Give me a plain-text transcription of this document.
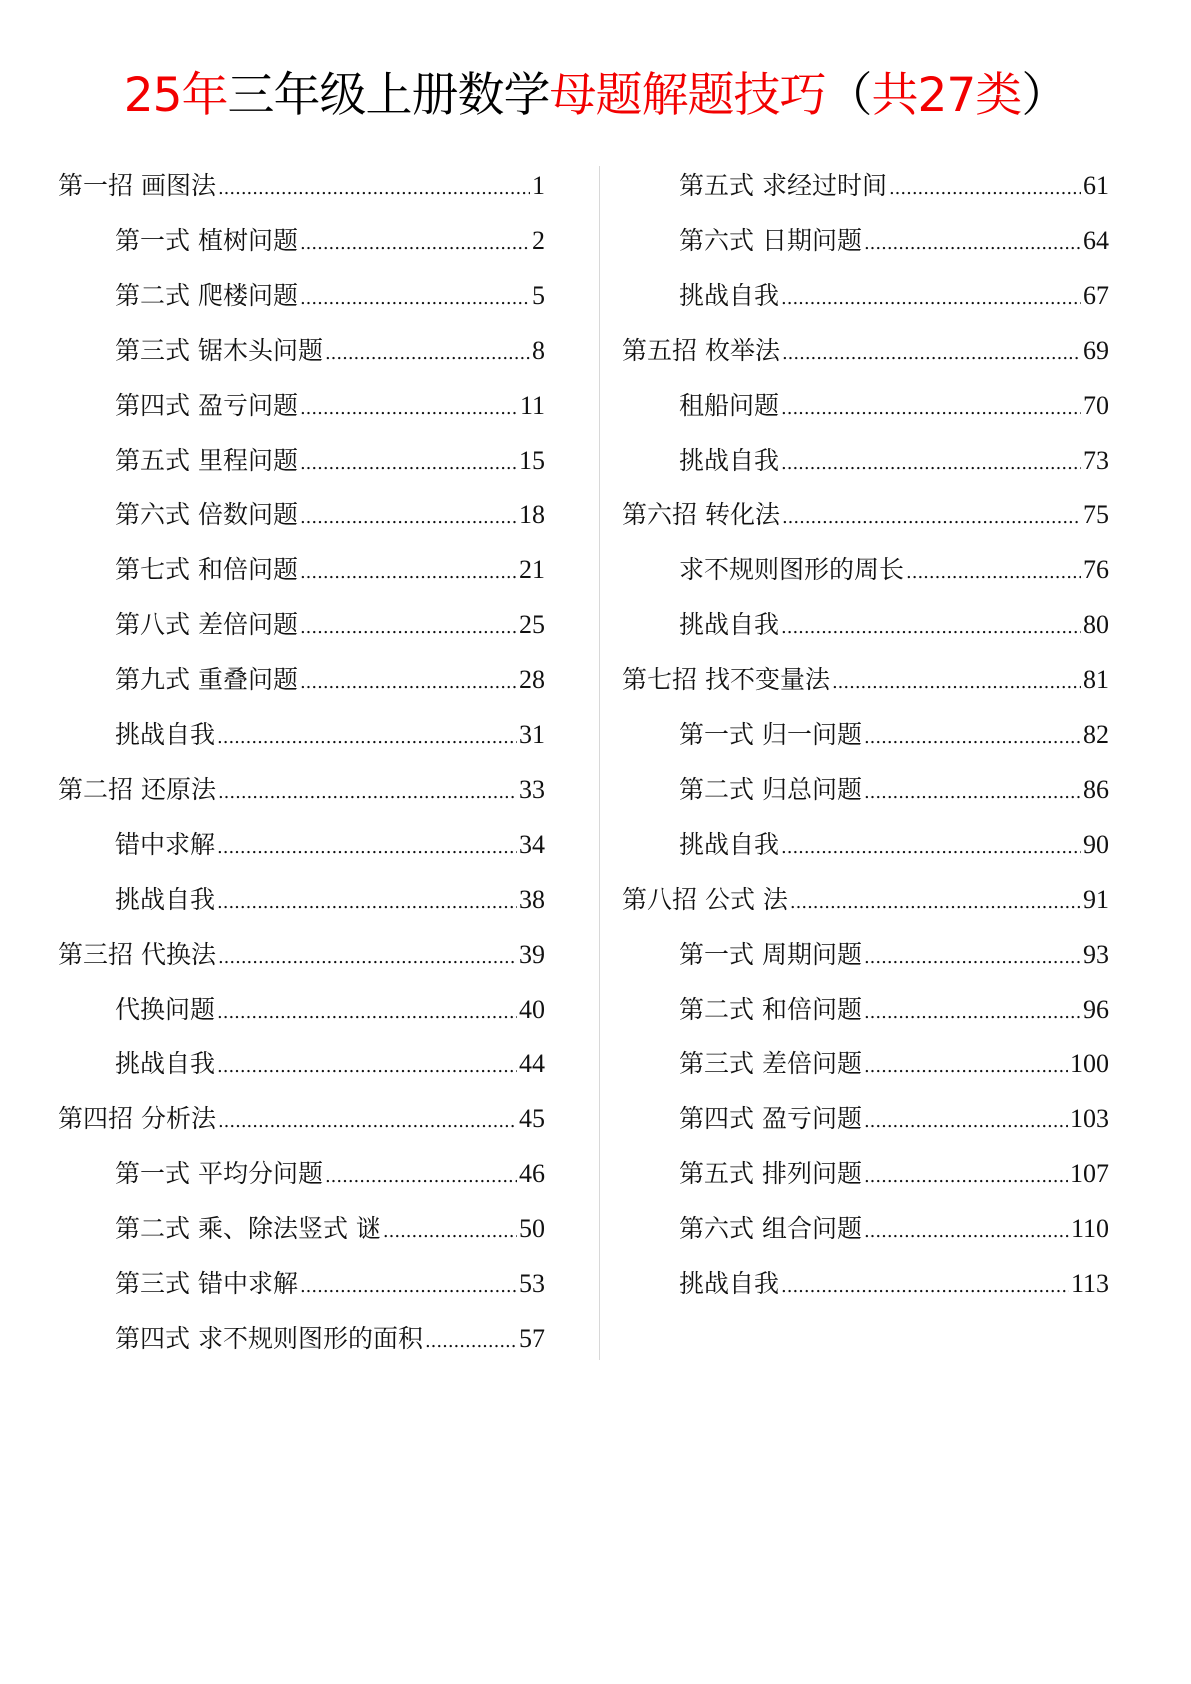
25年三年级上册数学母题解题技巧（共27类）
第一招 画图法 .....	1
第一式 植树问题 .....	2
第二式 爬楼问题 .....	5
第三式 锯木头问题 .....	8
第四式 盈亏问题 .....	11
第五式 里程问题 .....	15
第六式 倍数问题 .....	18
第七式 和倍问题 .....	21
第八式 差倍问题 .....	25
第九式 重叠问题 .....	28
挑战自我 .....	31
第二招 还原法 .....	33
错中求解 .....	34
挑战自我 .....	38
第三招 代换法 .....	39
代换问题 .....	40
挑战自我 .....	44
第四招 分析法 .....	45
第一式 平均分问题 .....	46
第二式 乘、除法竖式 谜 .....	50
第三式 错中求解 .....	53
第四式 求不规则图形的面积 .....	57
第五式 求经过时间 .....	61
第六式 日期问题 .....	64
挑战自我 .....	67
第五招 枚举法 .....	69
租船问题 .....	70
挑战自我 .....	73
第六招 转化法 .....	75
求不规则图形的周长 .....	76
挑战自我 .....	80
第七招 找不变量法 .....	81
第一式 归一问题 .....	82
第二式 归总问题 .....	86
挑战自我 .....	90
第八招 公式 法 .....	91
第一式 周期问题 .....	93
第二式 和倍问题 .....	96
第三式 差倍问题 .....	100
第四式 盈亏问题 .....	103
第五式 排列问题 .....	107
第六式 组合问题 .....	110
挑战自我 .....	113
